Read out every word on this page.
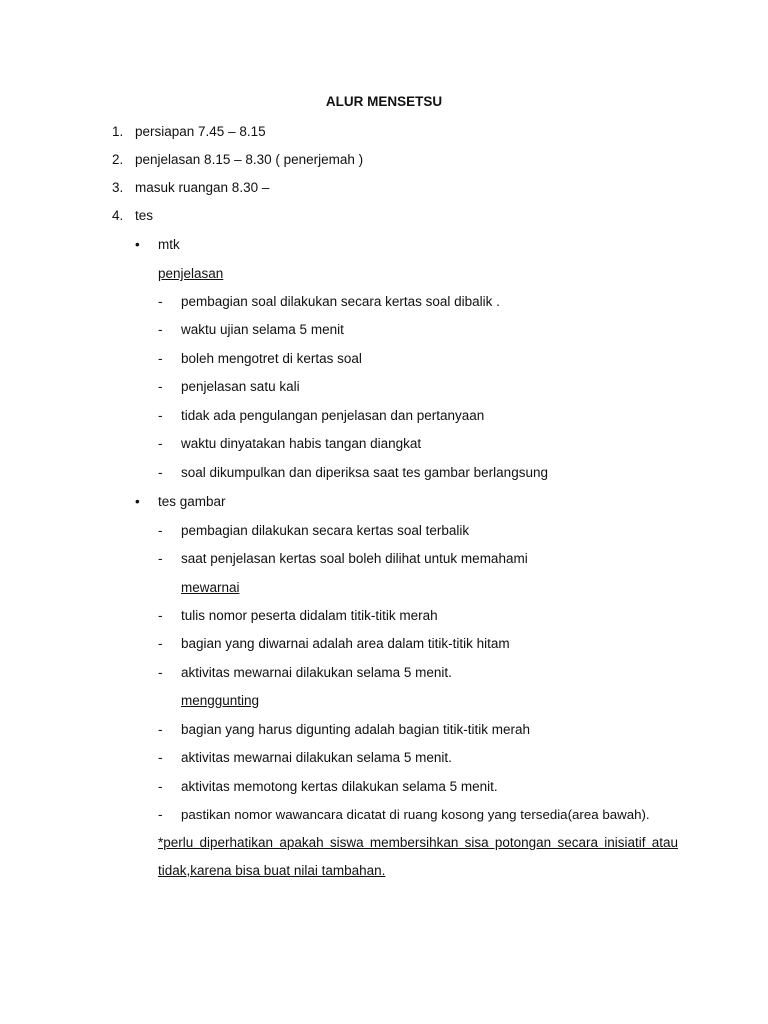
ALUR MENSETSU
1. persiapan 7.45 – 8.15
2. penjelasan 8.15 – 8.30 ( penerjemah )
3. masuk ruangan 8.30 –
4. tes
• mtk
penjelasan
- pembagian soal dilakukan secara kertas soal dibalik .
- waktu ujian selama 5 menit
- boleh mengotret di kertas soal
- penjelasan satu kali
- tidak ada pengulangan penjelasan dan pertanyaan
- waktu dinyatakan habis tangan diangkat
- soal dikumpulkan dan diperiksa saat tes gambar berlangsung
• tes gambar
- pembagian dilakukan secara kertas soal terbalik
- saat penjelasan kertas soal boleh dilihat untuk memahami
mewarnai
- tulis nomor peserta didalam titik-titik merah
- bagian yang diwarnai adalah area dalam titik-titik hitam
- aktivitas mewarnai dilakukan selama 5 menit.
menggunting
- bagian yang harus digunting adalah bagian titik-titik merah
- aktivitas mewarnai dilakukan selama 5 menit.
- aktivitas memotong kertas dilakukan selama 5 menit.
- pastikan nomor wawancara dicatat di ruang kosong yang tersedia(area bawah).
*perlu diperhatikan apakah siswa membersihkan sisa potongan secara inisiatif atau tidak,karena bisa buat nilai tambahan.
